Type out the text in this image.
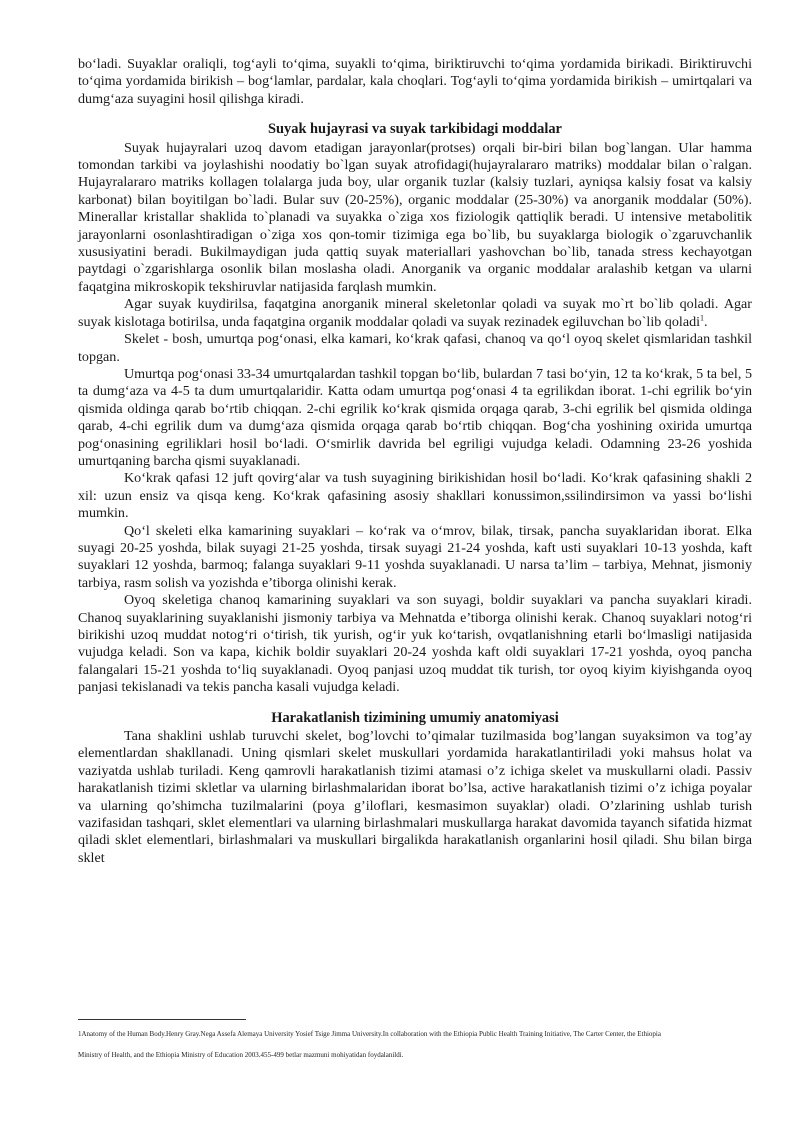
bo‘ladi. Suyaklar oraliqli, tog‘ayli to‘qima, suyakli to‘qima, biriktiruvchi to‘qima yordamida birikadi. Biriktiruvchi to‘qima yordamida birikish – bog‘lamlar, pardalar, kala choqlari. Tog‘ayli to‘qima yordamida birikish – umirtqalari va dumg‘aza suyagini hosil qilishga kiradi.

Suyak hujayrasi va suyak tarkibidagi moddalar

Suyak hujayralari uzoq davom etadigan jarayonlar(protses) orqali bir-biri bilan bog`langan. Ular hamma tomondan tarkibi va joylashishi noodatiy bo`lgan suyak atrofidagi(hujayralararo matriks) moddalar bilan o`ralgan. Hujayralararo matriks kollagen tolalarga juda boy, ular organik tuzlar (kalsiy tuzlari, ayniqsa kalsiy fosat va kalsiy karbonat) bilan boyitilgan bo`ladi. Bular suv (20-25%), organic moddalar (25-30%) va anorganik moddalar (50%). Minerallar kristallar shaklida to`planadi va suyakka o`ziga xos fiziologik qattiqlik beradi. U intensive metabolitik jarayonlarni osonlashtiradigan o`ziga xos qon-tomir tizimiga ega bo`lib, bu suyaklarga biologik o`zgaruvchanlik xususiyatini beradi. Bukilmaydigan juda qattiq suyak materiallari yashovchan bo`lib, tanada stress kechayotgan paytdagi o`zgarishlarga osonlik bilan moslasha oladi. Anorganik va organic moddalar aralashib ketgan va ularni faqatgina mikroskopik tekshiruvlar natijasida farqlash mumkin.

Agar suyak kuydirilsa, faqatgina anorganik mineral skeletonlar qoladi va suyak mo`rt bo`lib qoladi. Agar suyak kislotaga botirilsa, unda faqatgina organik moddalar qoladi va suyak rezinadek egiluvchan bo`lib qoladi$^1$.

Skelet - bosh, umurtqa pog‘onasi, elka kamari, ko‘krak qafasi, chanoq va qo‘l oyoq skelet qismlaridan tashkil topgan.

Umurtqa pog‘onasi 33-34 umurtqalardan tashkil topgan bo‘lib, bulardan 7 tasi bo‘yin, 12 ta ko‘krak, 5 ta bel, 5 ta dumg‘aza va 4-5 ta dum umurtqalaridir. Katta odam umurtqa pog‘onasi 4 ta egrilikdan iborat. 1-chi egrilik bo‘yin qismida oldinga qarab bo‘rtib chiqqan. 2-chi egrilik ko‘krak qismida orqaga qarab, 3-chi egrilik bel qismida oldinga qarab, 4-chi egrilik dum va dumg‘aza qismida orqaga qarab bo‘rtib chiqqan. Bog‘cha yoshining oxirida umurtqa pog‘onasining egriliklari hosil bo‘ladi. O‘smirlik davrida bel egriligi vujudga keladi. Odamning 23-26 yoshida umurtqaning barcha qismi suyaklanadi.

Ko‘krak qafasi 12 juft qovirg‘alar va tush suyagining birikishidan hosil bo‘ladi. Ko‘krak qafasining shakli 2 xil: uzun ensiz va qisqa keng. Ko‘krak qafasining asosiy shakllari konussimon,ssilindirsimon va yassi bo‘lishi mumkin.

Qo‘l skeleti elka kamarining suyaklari – ko‘rak va o‘mrov, bilak, tirsak, pancha suyaklaridan iborat. Elka suyagi 20-25 yoshda, bilak suyagi 21-25 yoshda, tirsak suyagi 21-24 yoshda, kaft usti suyaklari 10-13 yoshda, kaft suyaklari 12 yoshda, barmoq; falanga suyaklari 9-11 yoshda suyaklanadi. U narsa ta’lim – tarbiya, Mehnat, jismoniy tarbiya, rasm solish va yozishda e’tiborga olinishi kerak.

Oyoq skeletiga chanoq kamarining suyaklari va son suyagi, boldir suyaklari va pancha suyaklari kiradi. Chanoq suyaklarining suyaklanishi jismoniy tarbiya va Mehnatda e’tiborga olinishi kerak. Chanoq suyaklari notog‘ri birikishi uzoq muddat notog‘ri o‘tirish, tik yurish, og‘ir yuk ko‘tarish, ovqatlanishning etarli bo‘lmasligi natijasida vujudga keladi. Son va kapa, kichik boldir suyaklari 20-24 yoshda kaft oldi suyaklari 17-21 yoshda, oyoq pancha falangalari 15-21 yoshda to‘liq suyaklanadi. Oyoq panjasi uzoq muddat tik turish, tor oyoq kiyim kiyishganda oyoq panjasi tekislanadi va tekis pancha kasali vujudga keladi.

Harakatlanish tizimining umumiy anatomiyasi

Tana shaklini ushlab turuvchi skelet, bog’lovchi to’qimalar tuzilmasida bog’langan suyaksimon va tog’ay elementlardan shakllanadi. Uning qismlari skelet muskullari yordamida harakatlantiriladi yoki mahsus holat va vaziyatda ushlab turiladi. Keng qamrovli harakatlanish tizimi atamasi o’z ichiga skelet va muskullarni oladi. Passiv harakatlanish tizimi skletlar va ularning birlashmalaridan iborat bo’lsa, active harakatlanish tizimi o’z ichiga poyalar va ularning qo’shimcha tuzilmalarini (poya g’iloflari, kesmasimon suyaklar) oladi. O’zlarining ushlab turish vazifasidan tashqari, sklet elementlari va ularning birlashmalari muskullarga harakat davomida tayanch sifatida hizmat qiladi sklet elementlari, birlashmalari va muskullari birgalikda harakatlanish organlarini hosil qiladi. Shu bilan birga sklet

1Anatomy of the Human Body.Henry Gray.Nega Assefa Alemaya University Yosief Tsige Jimma University.In collaboration with the Ethiopia Public Health Training Initiative, The Carter Center, the Ethiopia
Ministry of Health, and the Ethiopia Ministry of Education 2003.455-499 betlar mazmuni mohiyatidan foydalanildi.
